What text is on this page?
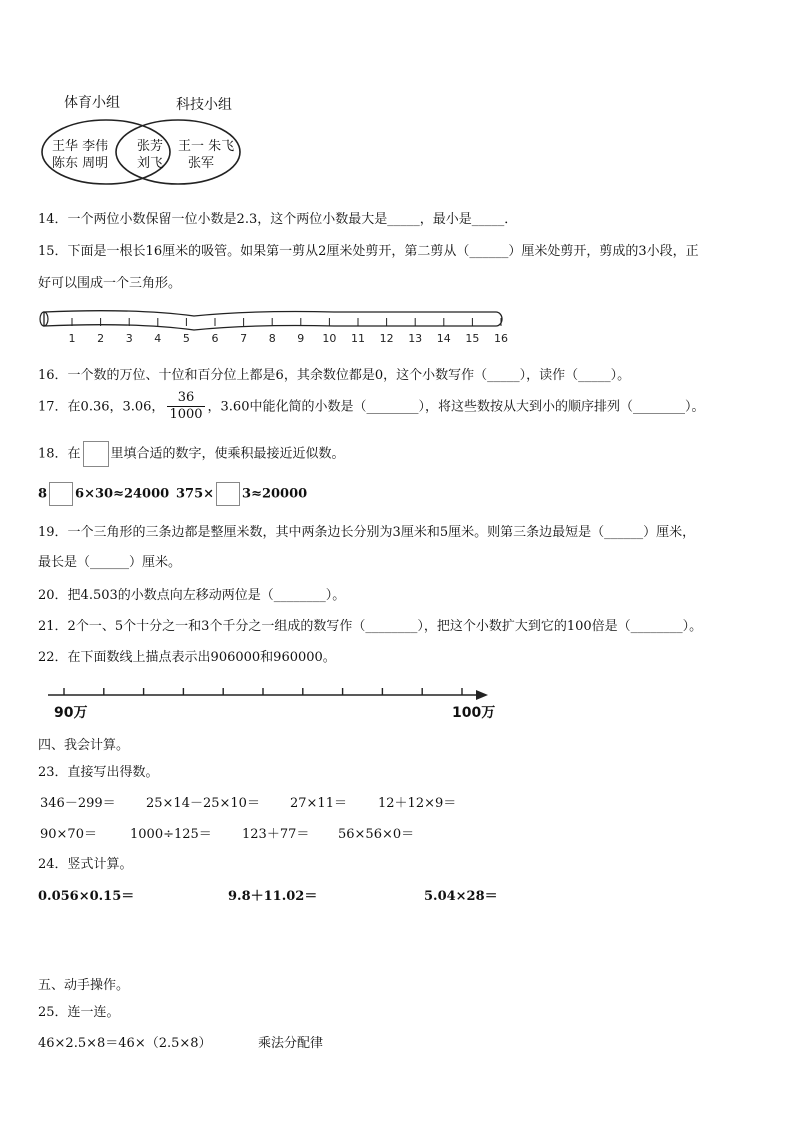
体育小组	科技小组
王华 李伟
陈东 周明
张芳
刘飞
王一 朱飞
张军
14．一个两位小数保留一位小数是2.3，这个两位小数最大是_____，最小是_____．
15．下面是一根长16厘米的吸管。如果第一剪从2厘米处剪开，第二剪从（______）厘米处剪开，剪成的3小段，正
好可以围成一个三角形。
1 2 3 4 5 6 7 8 9 10 11 12 13 14 15 16
16．一个数的万位、十位和百分位上都是6，其余数位都是0，这个小数写作（_____），读作（_____）。
17．在0.36，3.06， $\frac{36}{1000}$ ，3.60中能化简的小数是（________），将这些数按从大到小的顺序排列（________）。
18．在 里填合适的数字，使乘积最接近近似数。
8 6×30≈24000 375× 3≈20000
19．一个三角形的三条边都是整厘米数，其中两条边长分别为3厘米和5厘米。则第三条边最短是（______）厘米，
最长是（______）厘米。
20．把4.503的小数点向左移动两位是（________）。
21．2个一、5个十分之一和3个千分之一组成的数写作（________），把这个小数扩大到它的100倍是（________）。
22．在下面数线上描点表示出906000和960000。
90万	100万
四、我会计算。
23．直接写出得数。
346－299＝ 25×14－25×10＝ 27×11＝ 12＋12×9＝
90×70＝	1000÷125＝ 123＋77＝ 56×56×0＝
24．竖式计算。
0.056×0.15＝	9.8＋11.02＝	5.04×28＝
五、动手操作。
25．连一连。
46×2.5×8＝46×（2.5×8）	乘法分配律
